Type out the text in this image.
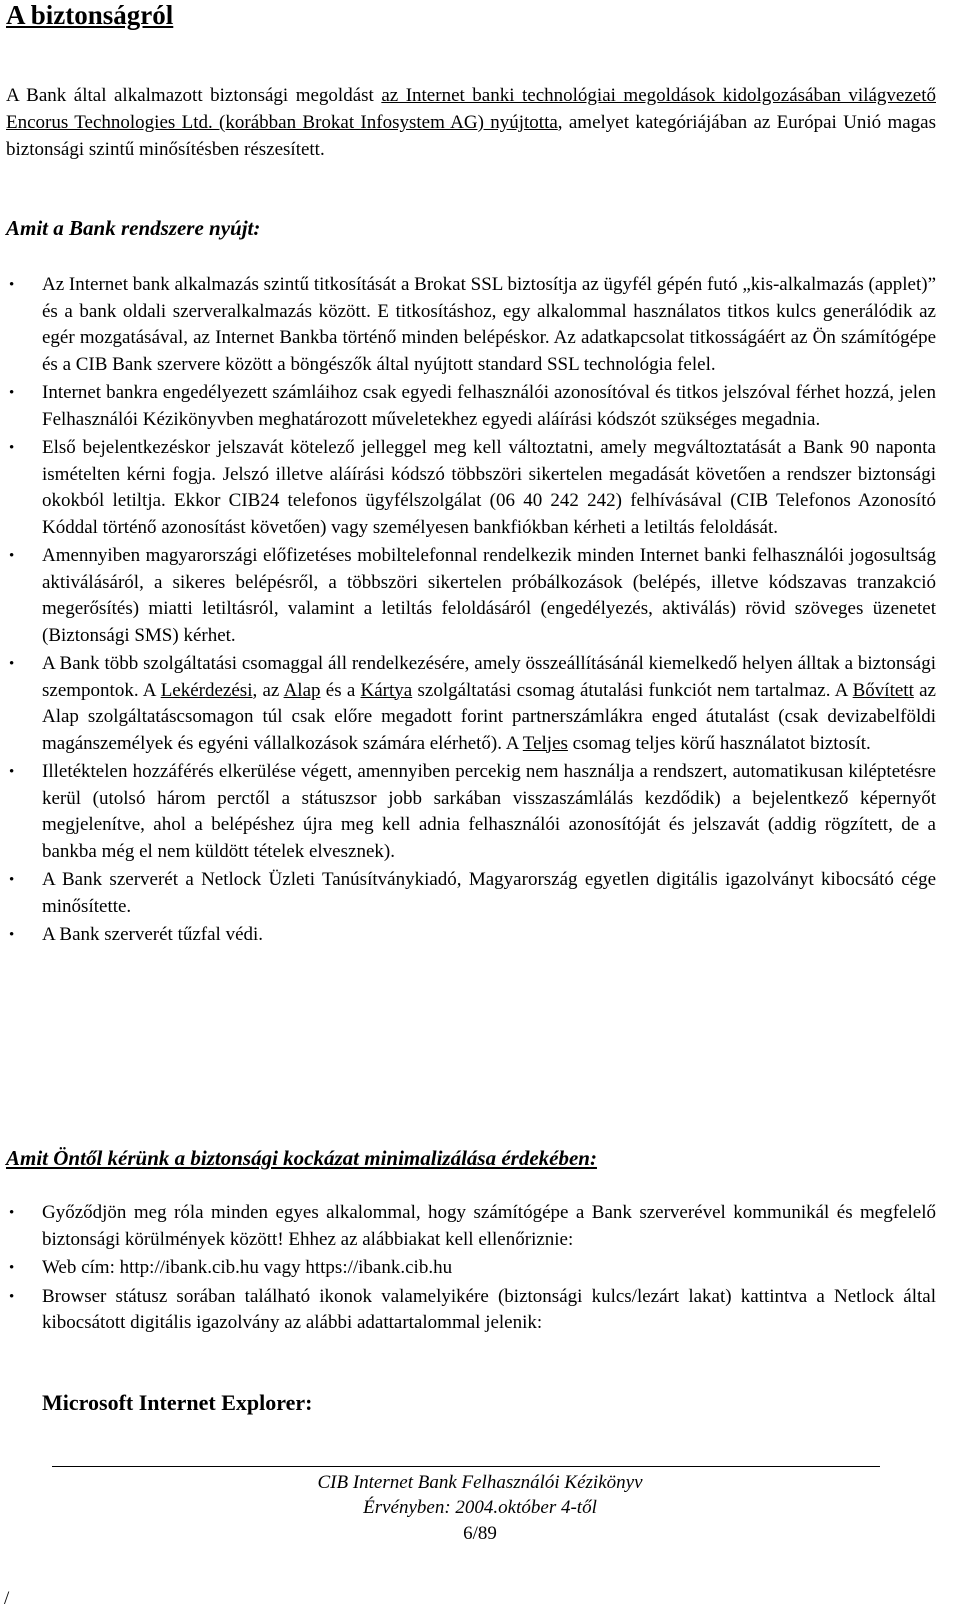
A biztonságról

A Bank által alkalmazott biztonsági megoldást az Internet banki technológiai megoldások kidolgozásában világvezető Encorus Technologies Ltd. (korábban Brokat Infosystem AG) nyújtotta, amelyet kategóriájában az Európai Unió magas biztonsági szintű minősítésben részesített.

Amit a Bank rendszere nyújt:
• Az Internet bank alkalmazás szintű titkosítását a Brokat SSL biztosítja az ügyfél gépén futó „kis-alkalmazás (applet)” és a bank oldali szerveralkalmazás között. E titkosításhoz, egy alkalommal használatos titkos kulcs generálódik az egér mozgatásával, az Internet Bankba történő minden belépéskor. Az adatkapcsolat titkosságáért az Ön számítógépe és a CIB Bank szervere között a böngészők által nyújtott standard SSL technológia felel.
• Internet bankra engedélyezett számláihoz csak egyedi felhasználói azonosítóval és titkos jelszóval férhet hozzá, jelen Felhasználói Kézikönyvben meghatározott műveletekhez egyedi aláírási kódszót szükséges megadnia.
• Első bejelentkezéskor jelszavát kötelező jelleggel meg kell változtatni, amely megváltoztatását a Bank 90 naponta ismételten kérni fogja. Jelszó illetve aláírási kódszó többszöri sikertelen megadását követően a rendszer biztonsági okokból letiltja. Ekkor CIB24 telefonos ügyfélszolgálat (06 40 242 242) felhívásával (CIB Telefonos Azonosító Kóddal történő azonosítást követően) vagy személyesen bankfiókban kérheti a letiltás feloldását.
• Amennyiben magyarországi előfizetéses mobiltelefonnal rendelkezik minden Internet banki felhasználói jogosultság aktiválásáról, a sikeres belépésről, a többszöri sikertelen próbálkozások (belépés, illetve kódszavas tranzakció megerősítés) miatti letiltásról, valamint a letiltás feloldásáról (engedélyezés, aktiválás) rövid szöveges üzenetet (Biztonsági SMS) kérhet.
• A Bank több szolgáltatási csomaggal áll rendelkezésére, amely összeállításánál kiemelkedő helyen álltak a biztonsági szempontok. A Lekérdezési, az Alap és a Kártya szolgáltatási csomag átutalási funkciót nem tartalmaz. A Bővített az Alap szolgáltatáscsomagon túl csak előre megadott forint partnerszámlákra enged átutalást (csak devizabelföldi magánszemélyek és egyéni vállalkozások számára elérhető). A Teljes csomag teljes körű használatot biztosít.
• Illetéktelen hozzáférés elkerülése végett, amennyiben percekig nem használja a rendszert, automatikusan kiléptetésre kerül (utolsó három perctől a státuszsor jobb sarkában visszaszámlálás kezdődik) a bejelentkező képernyőt megjelenítve, ahol a belépéshez újra meg kell adnia felhasználói azonosítóját és jelszavát (addig rögzített, de a bankba még el nem küldött tételek elvesznek).
• A Bank szerverét a Netlock Üzleti Tanúsítványkiadó, Magyarország egyetlen digitális igazolványt kibocsátó cége minősítette.
• A Bank szerverét tűzfal védi.
Amit Öntől kérünk a biztonsági kockázat minimalizálása érdekében:
• Győződjön meg róla minden egyes alkalommal, hogy számítógépe a Bank szerverével kommunikál és megfelelő biztonsági körülmények között! Ehhez az alábbiakat kell ellenőriznie:
• Web cím: http://ibank.cib.hu vagy https://ibank.cib.hu
• Browser státusz sorában található ikonok valamelyikére (biztonsági kulcs/lezárt lakat) kattintva a Netlock által kibocsátott digitális igazolvány az alábbi adattartalommal jelenik:
Microsoft Internet Explorer:
CIB Internet Bank Felhasználói Kézikönyv
Érvényben: 2004.október 4-től
6/89
/
